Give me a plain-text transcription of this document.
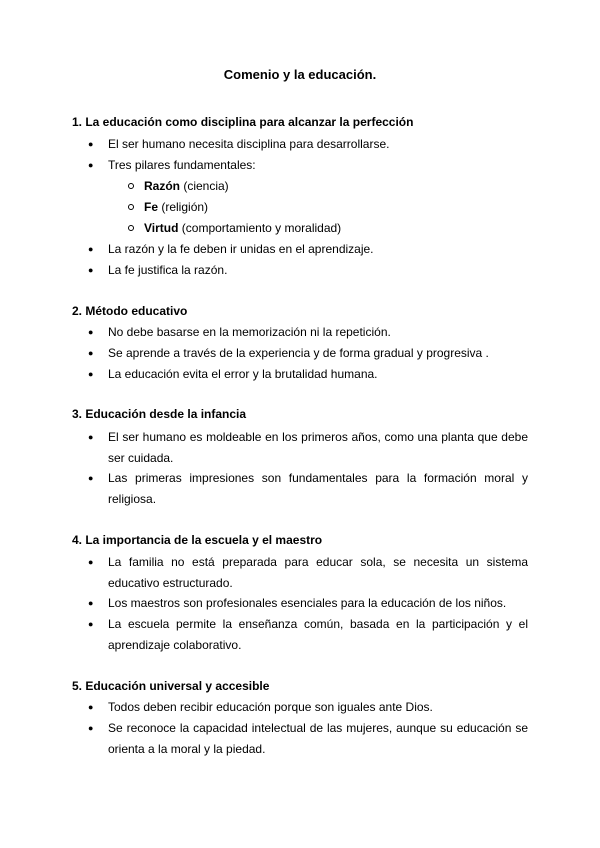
Comenio y la educación.
1. La educación como disciplina para alcanzar la perfección
● El ser humano necesita disciplina para desarrollarse.
● Tres pilares fundamentales:
Razón (ciencia)
Fe (religión)
Virtud (comportamiento y moralidad)
● La razón y la fe deben ir unidas en el aprendizaje.
● La fe justifica la razón.
2. Método educativo
● No debe basarse en la memorización ni la repetición.
● Se aprende a través de la experiencia y de forma gradual y progresiva .
● La educación evita el error y la brutalidad humana.
3. Educación desde la infancia
● El ser humano es moldeable en los primeros años, como una planta que debe ser cuidada.
● Las primeras impresiones son fundamentales para la formación moral y religiosa.
4. La importancia de la escuela y el maestro
● La familia no está preparada para educar sola, se necesita un sistema educativo estructurado.
● Los maestros son profesionales esenciales para la educación de los niños.
● La escuela permite la enseñanza común, basada en la participación y el aprendizaje colaborativo.
5. Educación universal y accesible
● Todos deben recibir educación porque son iguales ante Dios.
● Se reconoce la capacidad intelectual de las mujeres, aunque su educación se orienta a la moral y la piedad.
